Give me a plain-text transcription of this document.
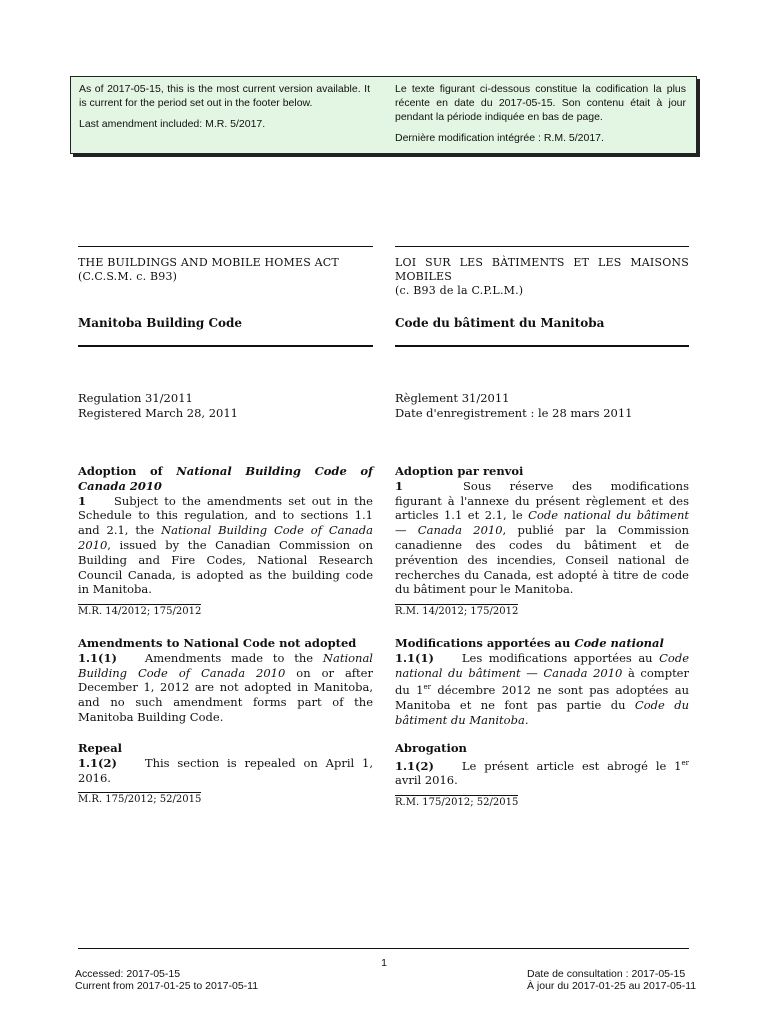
As of 2017-05-15, this is the most current version available. It is current for the period set out in the footer below.

Last amendment included: M.R. 5/2017.

Le texte figurant ci-dessous constitue la codification la plus récente en date du 2017-05-15. Son contenu était à jour pendant la période indiquée en bas de page.

Dernière modification intégrée : R.M. 5/2017.

THE BUILDINGS AND MOBILE HOMES ACT
(C.C.S.M. c. B93)
LOI SUR LES BÀTIMENTS ET LES MAISONS MOBILES
(c. B93 de la C.P.L.M.)
Manitoba Building Code	Code du bâtiment du Manitoba
Regulation 31/2011
Registered March 28, 2011
Règlement 31/2011
Date d'enregistrement : le 28 mars 2011

Adoption of National Building Code of Canada 2010

1 Subject to the amendments set out in the Schedule to this regulation, and to sections 1.1 and 2.1, the National Building Code of Canada 2010, issued by the Canadian Commission on Building and Fire Codes, National Research Council Canada, is adopted as the building code in Manitoba.

M.R. 14/2012; 175/2012

Adoption par renvoi

1	Sous réserve des modifications figurant à l'annexe du présent règlement et des articles 1.1 et 2.1, le Code national du bâtiment — Canada 2010, publié par la Commission canadienne des codes du bâtiment et de prévention des incendies, Conseil national de recherches du Canada, est adopté à titre de code du bâtiment pour le Manitoba.

R.M. 14/2012; 175/2012

Amendments to National Code not adopted

1.1(1) Amendments made to the National Building Code of Canada 2010 on or after December 1, 2012 are not adopted in Manitoba, and no such amendment forms part of the Manitoba Building Code.

Modifications apportées au Code national

1.1(1) Les modifications apportées au Code national du bâtiment — Canada 2010 à compter du 1er décembre 2012 ne sont pas adoptées au Manitoba et ne font pas partie du Code du bâtiment du Manitoba.

Repeal

1.1(2) This section is repealed on April 1, 2016.

M.R. 175/2012; 52/2015

Abrogation

1.1(2) Le présent article est abrogé le 1er avril 2016.

R.M. 175/2012; 52/2015
1
Accessed: 2017-05-15
Current from 2017-01-25 to 2017-05-11
Date de consultation : 2017-05-15
À jour du 2017-01-25 au 2017-05-11
